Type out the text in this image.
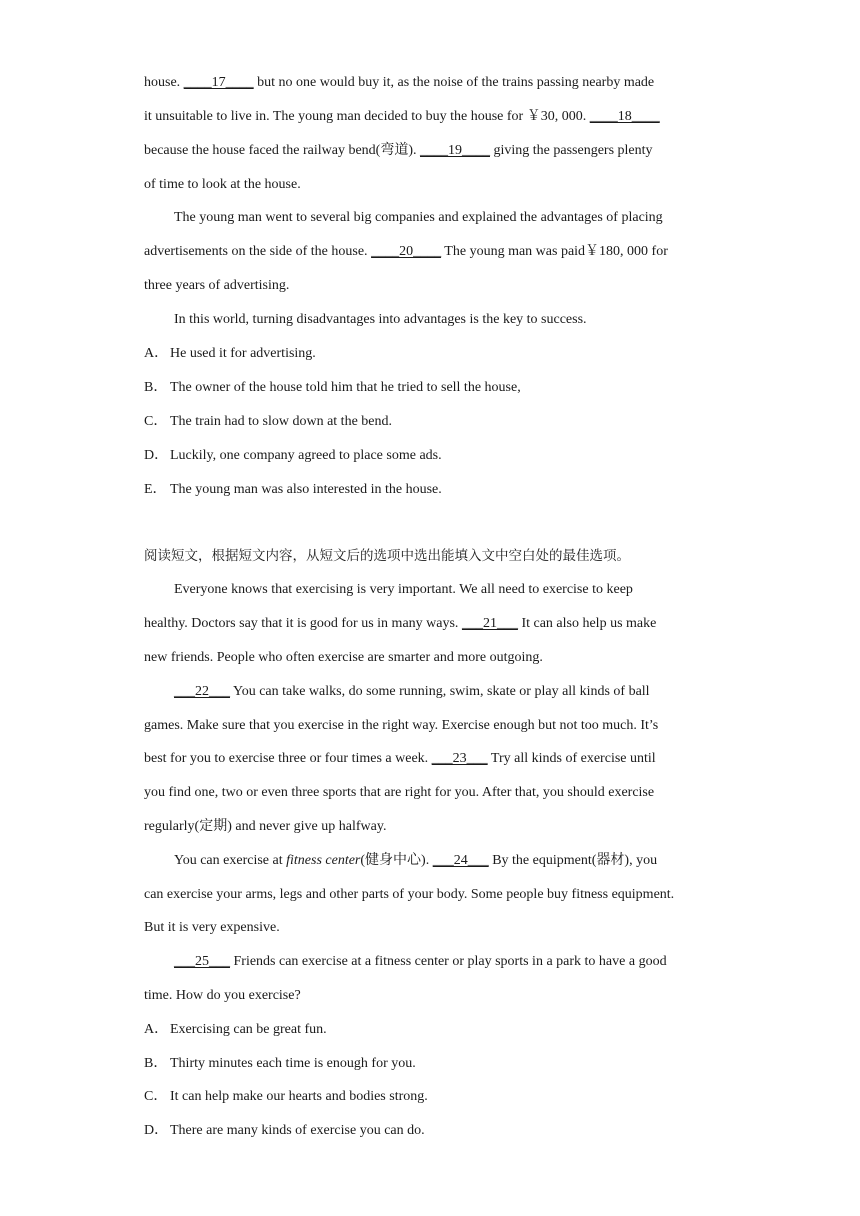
house. ____17____ but no one would buy it, as the noise of the trains passing nearby made
it unsuitable to live in. The young man decided to buy the house for ￥30, 000. ____18____
because the house faced the railway bend(弯道). ____19____ giving the passengers plenty
of time to look at the house.
The young man went to several big companies and explained the advantages of placing
advertisements on the side of the house. ____20____ The young man was paid￥180, 000 for
three years of advertising.
In this world, turning disadvantages into advantages is the key to success.
A． He used it for advertising.
B． The owner of the house told him that he tried to sell the house,
C． The train had to slow down at the bend.
D． Luckily, one company agreed to place some ads.
E． The young man was also interested in the house.
阅读短文，根据短文内容，从短文后的选项中选出能填入文中空白处的最佳选项。
Everyone knows that exercising is very important. We all need to exercise to keep
healthy. Doctors say that it is good for us in many ways. ___21___ It can also help us make
new friends. People who often exercise are smarter and more outgoing.
___22___ You can take walks, do some running, swim, skate or play all kinds of ball
games. Make sure that you exercise in the right way. Exercise enough but not too much. It’s
best for you to exercise three or four times a week. ___23___ Try all kinds of exercise until
you find one, two or even three sports that are right for you. After that, you should exercise
regularly(定期) and never give up halfway.
You can exercise at fitness center(健身中心). ___24___ By the equipment(器材), you
can exercise your arms, legs and other parts of your body. Some people buy fitness equipment.
But it is very expensive.
___25___ Friends can exercise at a fitness center or play sports in a park to have a good
time. How do you exercise?
A． Exercising can be great fun.
B． Thirty minutes each time is enough for you.
C． It can help make our hearts and bodies strong.
D． There are many kinds of exercise you can do.
